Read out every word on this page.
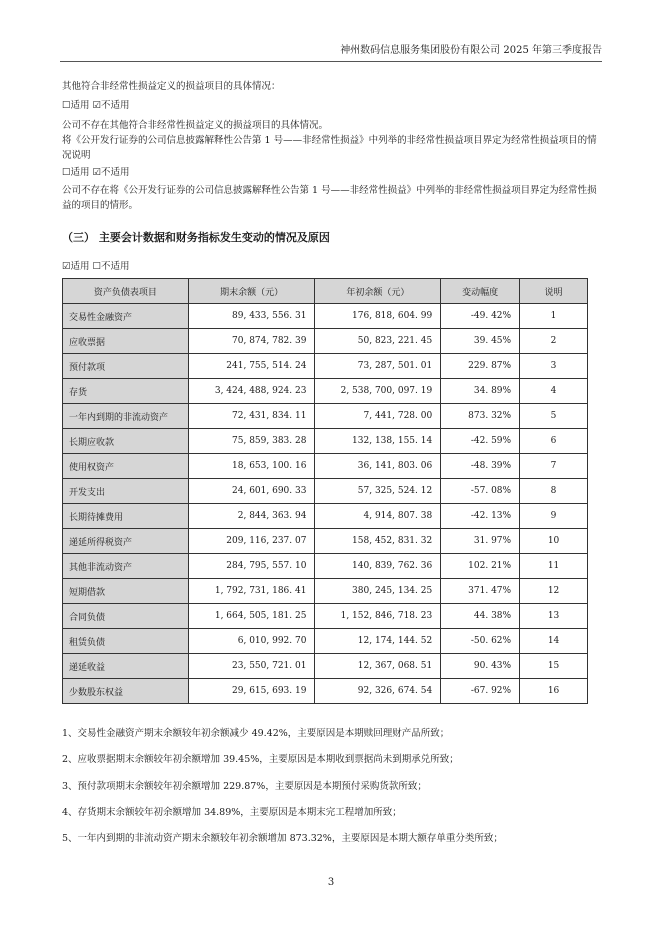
神州数码信息服务集团股份有限公司 2025 年第三季度报告

其他符合非经常性损益定义的损益项目的具体情况：

☐适用 ☑不适用

公司不存在其他符合非经常性损益定义的损益项目的具体情况。

将《公开发行证券的公司信息披露解释性公告第 1 号——非经常性损益》中列举的非经常性损益项目界定为经常性损益项目的情况说明

☐适用 ☑不适用

公司不存在将《公开发行证券的公司信息披露解释性公告第 1 号——非经常性损益》中列举的非经常性损益项目界定为经常性损益的项目的情形。

（三） 主要会计数据和财务指标发生变动的情况及原因

☑适用 ☐不适用

资产负债表项目	期末余额（元）	年初余额（元）	变动幅度	说明
交易性金融资产	89, 433, 556. 31	176, 818, 604. 99	-49. 42%	1
应收票据	70, 874, 782. 39	50, 823, 221. 45	39. 45%	2
预付款项	241, 755, 514. 24	73, 287, 501. 01	229. 87%	3
存货	3, 424, 488, 924. 23	2, 538, 700, 097. 19	34. 89%	4
一年内到期的非流动资产	72, 431, 834. 11	7, 441, 728. 00	873. 32%	5
长期应收款	75, 859, 383. 28	132, 138, 155. 14	-42. 59%	6
使用权资产	18, 653, 100. 16	36, 141, 803. 06	-48. 39%	7
开发支出	24, 601, 690. 33	57, 325, 524. 12	-57. 08%	8
长期待摊费用	2, 844, 363. 94	4, 914, 807. 38	-42. 13%	9
递延所得税资产	209, 116, 237. 07	158, 452, 831. 32	31. 97%	10
其他非流动资产	284, 795, 557. 10	140, 839, 762. 36	102. 21%	11
短期借款	1, 792, 731, 186. 41	380, 245, 134. 25	371. 47%	12
合同负债	1, 664, 505, 181. 25	1, 152, 846, 718. 23	44. 38%	13
租赁负债	6, 010, 992. 70	12, 174, 144. 52	-50. 62%	14
递延收益	23, 550, 721. 01	12, 367, 068. 51	90. 43%	15
少数股东权益	29, 615, 693. 19	92, 326, 674. 54	-67. 92%	16

1、交易性金融资产期末余额较年初余额减少 49.42%，主要原因是本期赎回理财产品所致；

2、应收票据期末余额较年初余额增加 39.45%，主要原因是本期收到票据尚未到期承兑所致；

3、预付款项期末余额较年初余额增加 229.87%，主要原因是本期预付采购货款所致；

4、存货期末余额较年初余额增加 34.89%，主要原因是本期末完工程增加所致；

5、一年内到期的非流动资产期末余额较年初余额增加 873.32%，主要原因是本期大额存单重分类所致；

3
